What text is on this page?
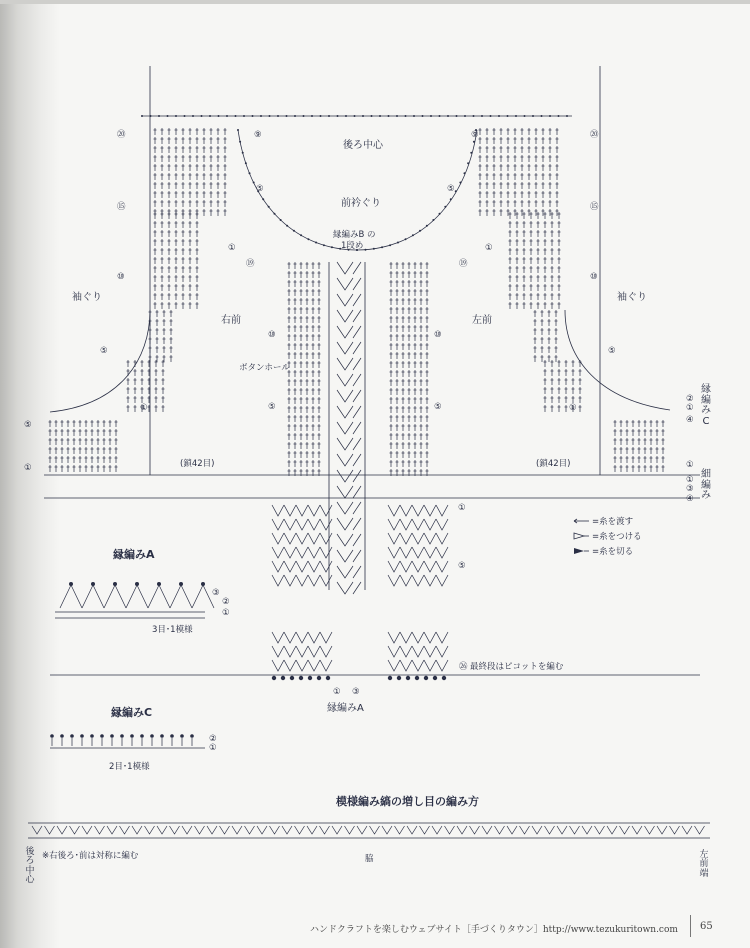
⑳
⑮
⑩
⑤
⑤
①
①
⑨
⑤
①
⑲
⑩
⑤
⑳
⑮
⑩
⑤
①
⑨
⑤
①
⑲
⑩
⑤
①
⑤
②
①
④
①
①
③
④
後ろ中心
前衿ぐり
縁編みB の
1段め
袖ぐり	袖ぐり
右前	左前
ボタンホール
(鎖42目)	(鎖42目)
縁編みC
細編み
縁編みA
3目･1模様
③
②
①
縁編みC
2目･1模様
②
①
① ③
縁編みA
㉖ 最終段はピコットを編む
=糸を渡す
=糸をつける
=糸を切る
模様編み縞の増し目の編み方
※右後ろ･前は対称に編む
後ろ中心
脇	左前端
ハンドクラフトを楽しむウェブサイト［手づくりタウン］http://www.tezukuritown.com 65
